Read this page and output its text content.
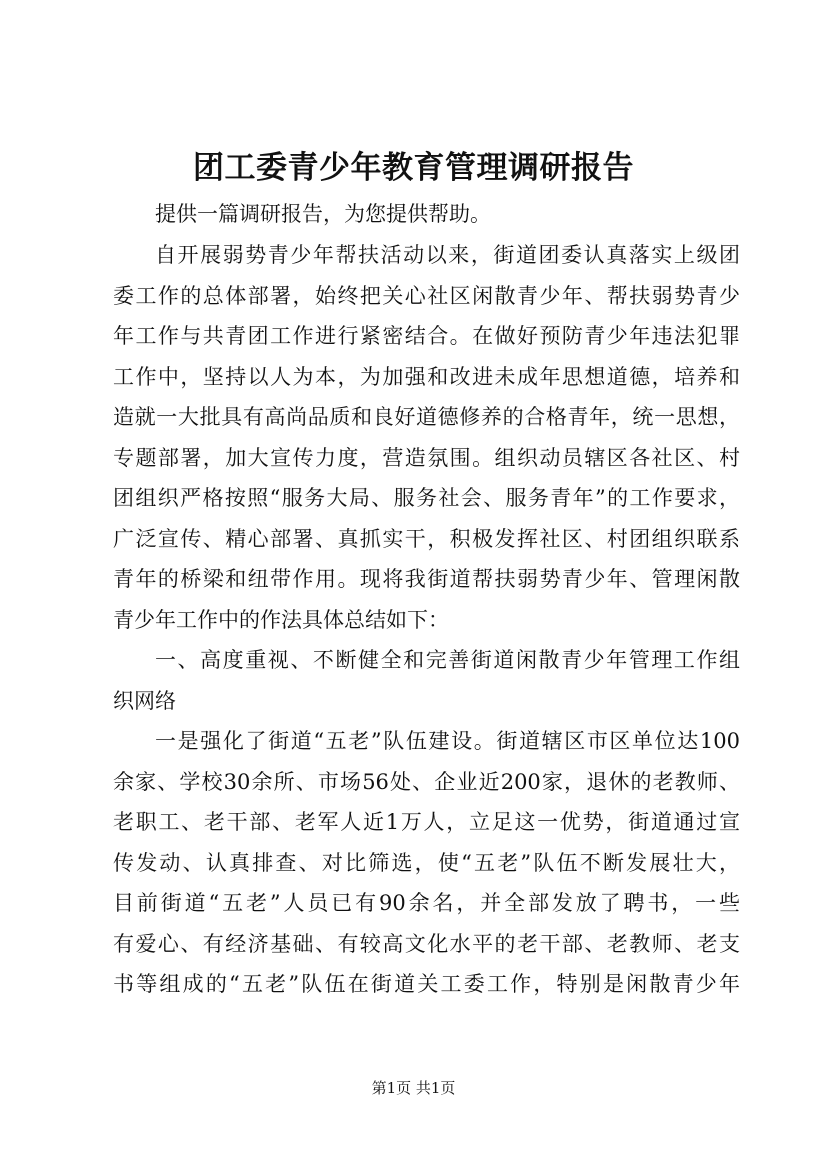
团工委青少年教育管理调研报告
提供一篇调研报告，为您提供帮助。
自开展弱势青少年帮扶活动以来，街道团委认真落实上级团
委工作的总体部署，始终把关心社区闲散青少年、帮扶弱势青少
年工作与共青团工作进行紧密结合。在做好预防青少年违法犯罪
工作中，坚持以人为本，为加强和改进未成年思想道德，培养和
造就一大批具有高尚品质和良好道德修养的合格青年，统一思想，
专题部署，加大宣传力度，营造氛围。组织动员辖区各社区、村
团组织严格按照“服务大局、服务社会、服务青年”的工作要求，
广泛宣传、精心部署、真抓实干，积极发挥社区、村团组织联系
青年的桥梁和纽带作用。现将我街道帮扶弱势青少年、管理闲散
青少年工作中的作法具体总结如下：
一、高度重视、不断健全和完善街道闲散青少年管理工作组
织网络
一是强化了街道“五老”队伍建设。街道辖区市区单位达100
余家、学校30余所、市场56处、企业近200家，退休的老教师、
老职工、老干部、老军人近1万人，立足这一优势，街道通过宣
传发动、认真排查、对比筛选，使“五老”队伍不断发展壮大，
目前街道“五老”人员已有90余名，并全部发放了聘书，一些
有爱心、有经济基础、有较高文化水平的老干部、老教师、老支
书等组成的“五老”队伍在街道关工委工作，特别是闲散青少年
第1页 共1页
